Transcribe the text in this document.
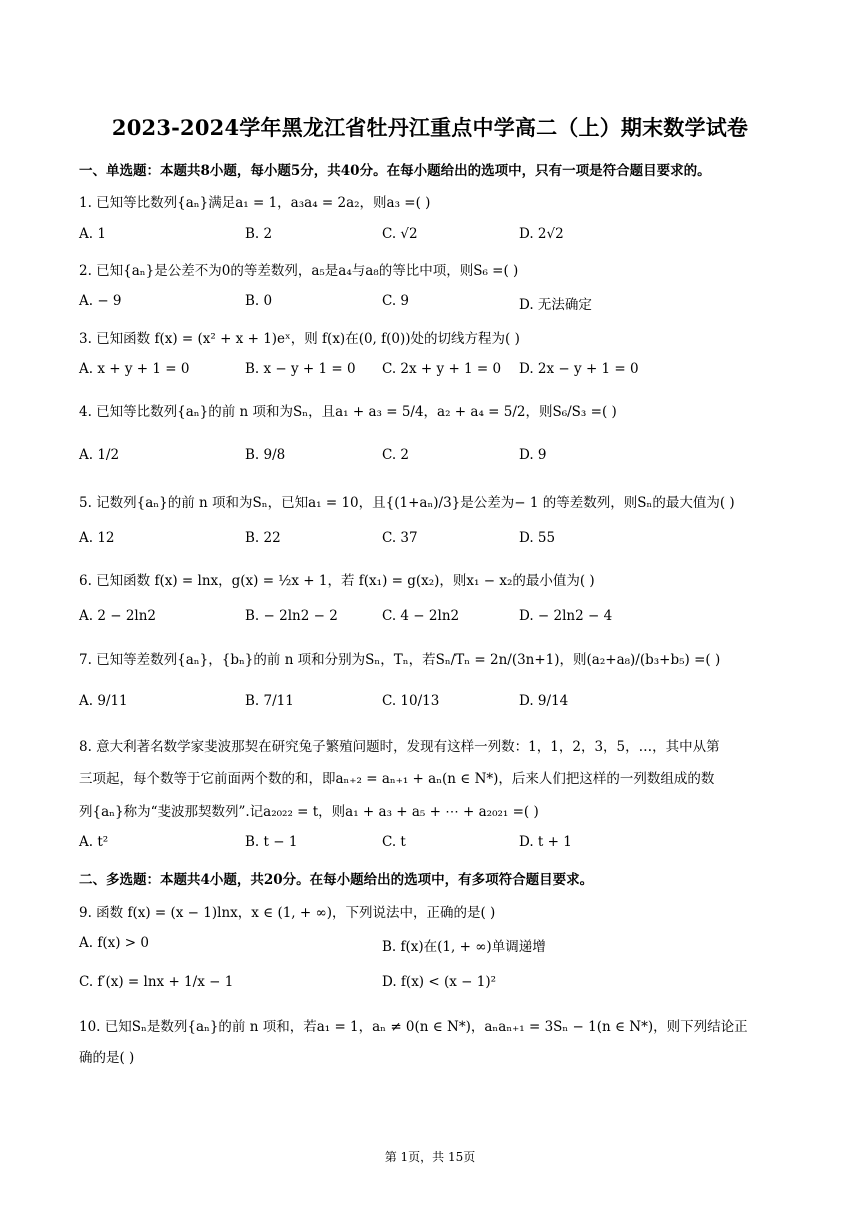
2023-2024学年黑龙江省牡丹江重点中学高二（上）期末数学试卷
一、单选题：本题共8小题，每小题5分，共40分。在每小题给出的选项中，只有一项是符合题目要求的。
1. 已知等比数列{aₙ}满足a₁ = 1，a₃a₄ = 2a₂，则a₃ =( )
A. 1	B. 2	C. √2	D. 2√2
2. 已知{aₙ}是公差不为0的等差数列，a₅是a₄与a₈的等比中项，则S₆ =( )
A. − 9	B. 0	C. 9	D. 无法确定
3. 已知函数 f(x) = (x² + x + 1)eˣ，则 f(x)在(0, f(0))处的切线方程为( )
A. x + y + 1 = 0	B. x − y + 1 = 0 C. 2x + y + 1 = 0 D. 2x − y + 1 = 0
4. 已知等比数列{aₙ}的前 n 项和为Sₙ，且a₁ + a₃ = 5/4，a₂ + a₄ = 5/2，则S₆/S₃ =( )
A. 1/2	B. 9/8	C. 2	D. 9
5. 记数列{aₙ}的前 n 项和为Sₙ，已知a₁ = 10，且{(1+aₙ)/3}是公差为− 1 的等差数列，则Sₙ的最大值为( )
A. 12	B. 22	C. 37	D. 55
6. 已知函数 f(x) = lnx，g(x) = ½x + 1，若 f(x₁) = g(x₂)，则x₁ − x₂的最小值为( )
A. 2 − 2ln2	B. − 2ln2 − 2	C. 4 − 2ln2	D. − 2ln2 − 4
7. 已知等差数列{aₙ}，{bₙ}的前 n 项和分别为Sₙ，Tₙ，若Sₙ/Tₙ = 2n/(3n+1)，则(a₂+a₈)/(b₃+b₅) =( )
A. 9/11	B. 7/11	C. 10/13	D. 9/14
8. 意大利著名数学家斐波那契在研究兔子繁殖问题时，发现有这样一列数：1，1，2，3，5，…，其中从第
三项起，每个数等于它前面两个数的和，即aₙ₊₂ = aₙ₊₁ + aₙ(n ∈ N*)，后来人们把这样的一列数组成的数
列{aₙ}称为“斐波那契数列”.记a₂₀₂₂ = t，则a₁ + a₃ + a₅ + ⋯ + a₂₀₂₁ =( )
A. t²	B. t − 1	C. t	D. t + 1
二、多选题：本题共4小题，共20分。在每小题给出的选项中，有多项符合题目要求。
9. 函数 f(x) = (x − 1)lnx，x ∈ (1, + ∞)，下列说法中，正确的是( )
A. f(x) > 0	B. f(x)在(1, + ∞)单调递增
C. f′(x) = lnx + 1/x − 1	D. f(x) < (x − 1)²
10. 已知Sₙ是数列{aₙ}的前 n 项和，若a₁ = 1，aₙ ≠ 0(n ∈ N*)，aₙaₙ₊₁ = 3Sₙ − 1(n ∈ N*)，则下列结论正
确的是( )
第 1页，共 15页
